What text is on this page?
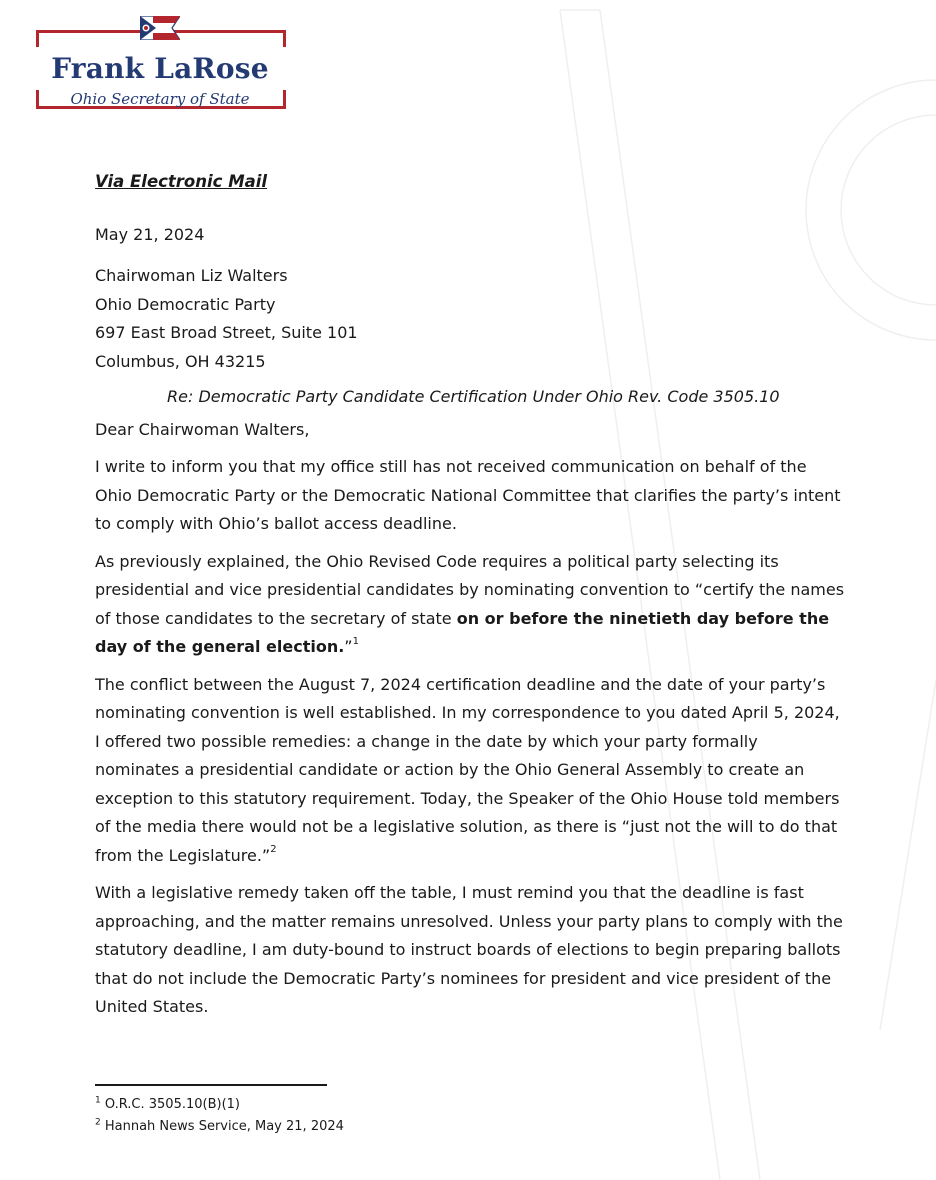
Frank LaRose
Ohio Secretary of State
Via Electronic Mail
May 21, 2024
Chairwoman Liz Walters
Ohio Democratic Party
697 East Broad Street, Suite 101
Columbus, OH 43215
Re: Democratic Party Candidate Certification Under Ohio Rev. Code 3505.10
Dear Chairwoman Walters,

I write to inform you that my office still has not received communication on behalf of the Ohio Democratic Party or the Democratic National Committee that clarifies the party’s intent to comply with Ohio’s ballot access deadline.

As previously explained, the Ohio Revised Code requires a political party selecting its presidential and vice presidential candidates by nominating convention to “certify the names of those candidates to the secretary of state on or before the ninetieth day before the day of the general election.”$^1$

The conflict between the August 7, 2024 certification deadline and the date of your party’s nominating convention is well established. In my correspondence to you dated April 5, 2024, I offered two possible remedies: a change in the date by which your party formally nominates a presidential candidate or action by the Ohio General Assembly to create an exception to this statutory requirement. Today, the Speaker of the Ohio House told members of the media there would not be a legislative solution, as there is “just not the will to do that from the Legislature.”$^2$

With a legislative remedy taken off the table, I must remind you that the deadline is fast approaching, and the matter remains unresolved. Unless your party plans to comply with the statutory deadline, I am duty-bound to instruct boards of elections to begin preparing ballots that do not include the Democratic Party’s nominees for president and vice president of the United States.

$^1$ O.R.C. 3505.10(B)(1)
$^2$ Hannah News Service, May 21, 2024
